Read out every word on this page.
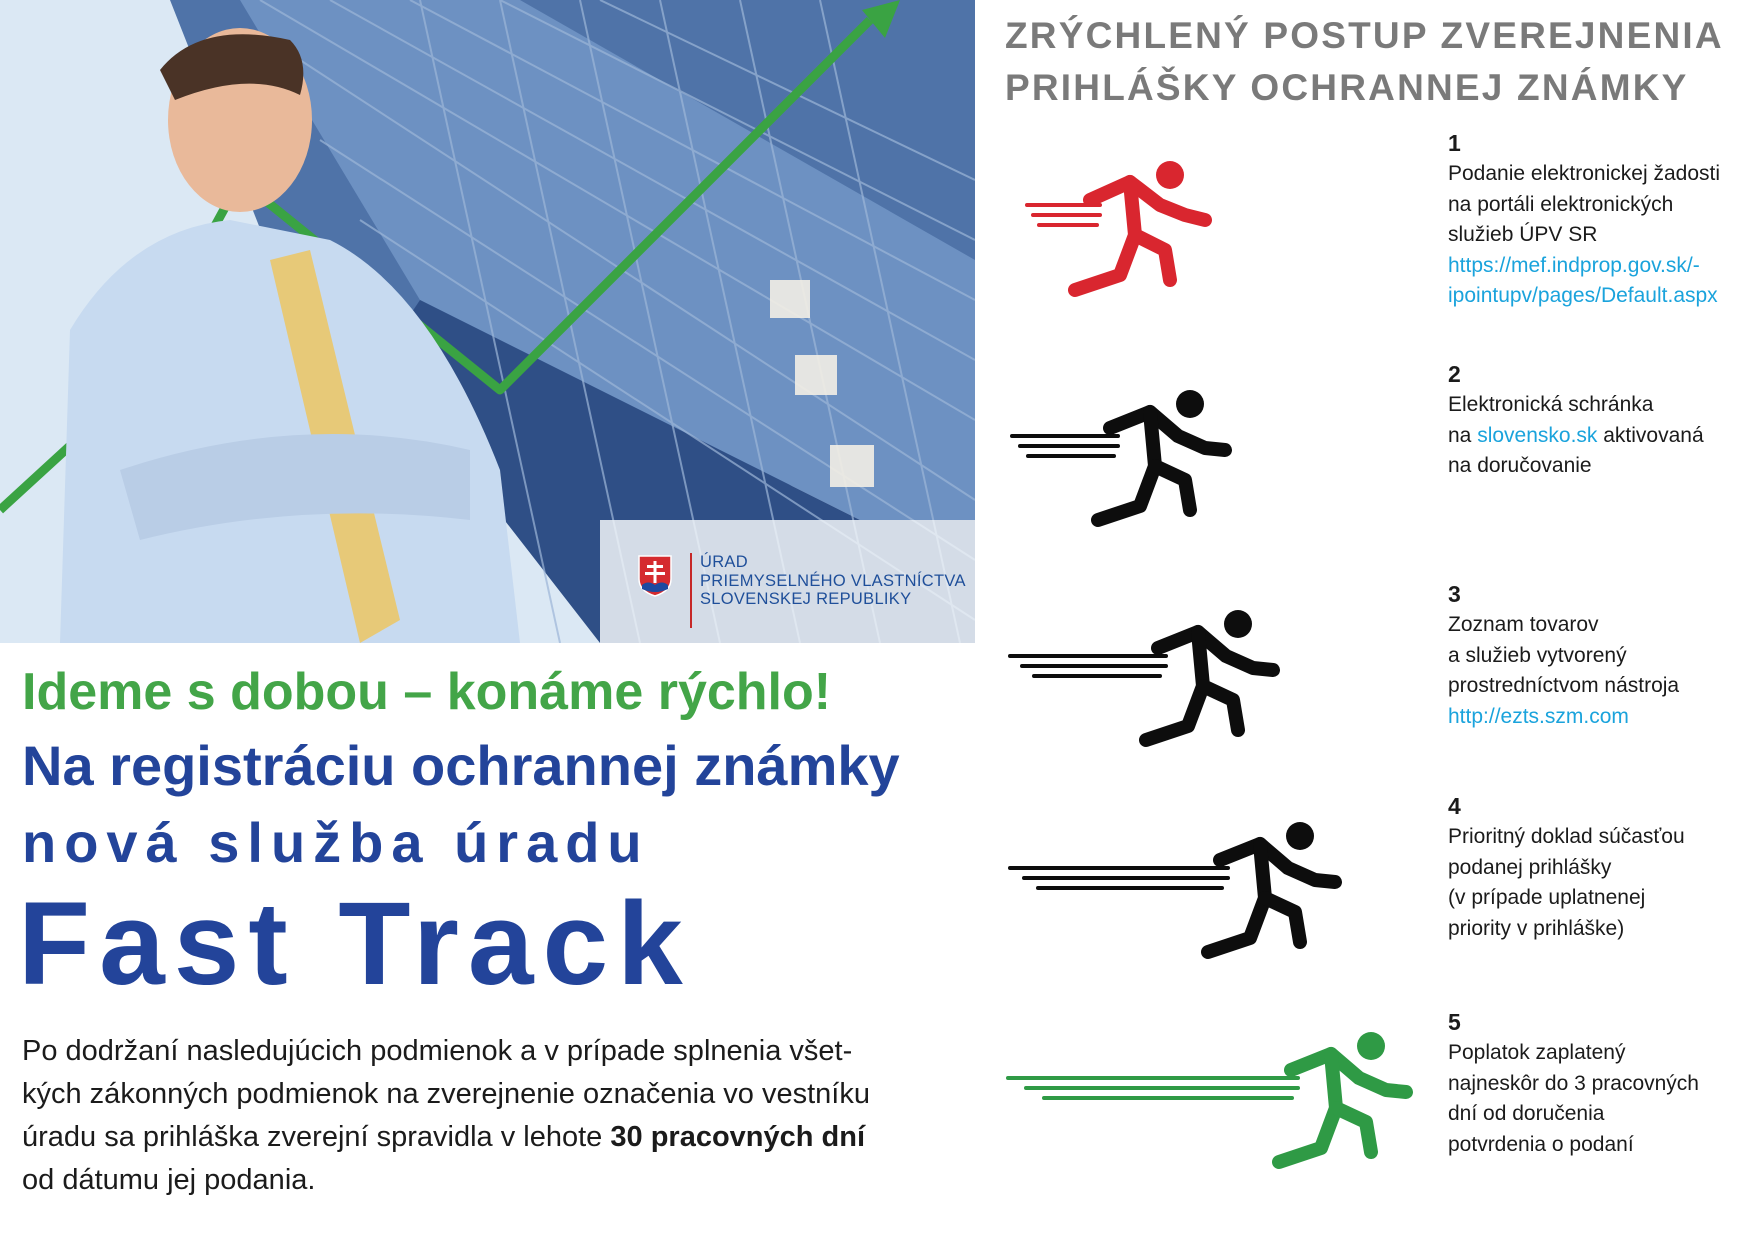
ÚRAD
PRIEMYSELNÉHO VLASTNÍCTVA
SLOVENSKEJ REPUBLIKY
Ideme s dobou – konáme rýchlo!
Na registráciu ochrannej známky
nová služba úradu
Fast Track
Po dodržaní nasledujúcich podmienok a v prípade splnenia všet-
kých zákonných podmienok na zverejnenie označenia vo vestníku
úradu sa prihláška zverejní spravidla v lehote 30 pracovných dní
od dátumu jej podania.
ZRÝCHLENÝ POSTUP ZVEREJNENIA
PRIHLÁŠKY OCHRANNEJ ZNÁMKY
1
Podanie elektronickej žadosti
na portáli elektronických
služieb ÚPV SR
https://mef.indprop.gov.sk/-
ipointupv/pages/Default.aspx
2
Elektronická schránka
na slovensko.sk aktivovaná
na doručovanie
3
Zoznam tovarov
a služieb vytvorený
prostredníctvom nástroja
http://ezts.szm.com
4
Prioritný doklad súčasťou
podanej prihlášky
(v prípade uplatnenej
priority v prihláške)
5
Poplatok zaplatený
najneskôr do 3 pracovných
dní od doručenia
potvrdenia o podaní
